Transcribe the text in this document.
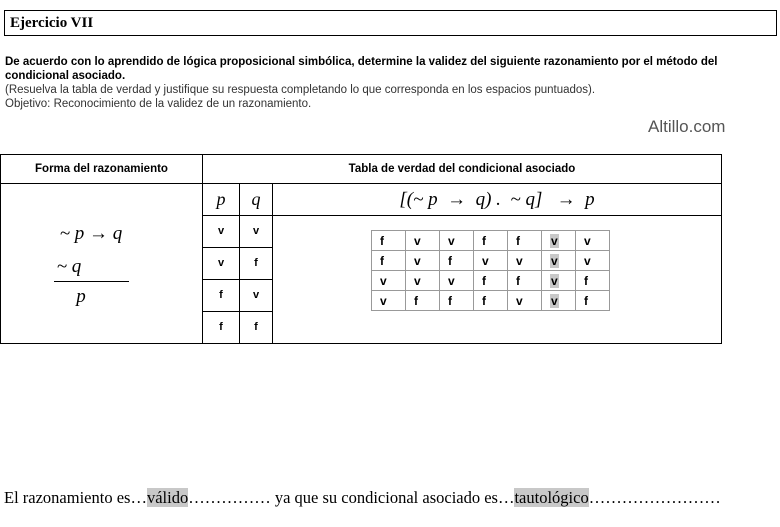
Ejercicio VII
De acuerdo con lo aprendido de lógica proposicional simbólica, determine la validez del siguiente razonamiento por el método del condicional asociado.
(Resuelva la tabla de verdad y justifique su respuesta completando lo que corresponda en los espacios puntuados).
Objetivo: Reconocimiento de la validez de un razonamiento.
Altillo.com
Forma del razonamiento	Tabla de verdad del condicional asociado
p	q	[(~ p  →  q) .  ~ q]   →  p
v	v
v	f
f	v
f	f
~ p → q
~ q
p
f	v	v	f	f	v	v
f	v	f	v	v	v	v
v	v	v	f	f	v	f
v	f	f	f	v	v	f
El razonamiento es…válido…………… ya que su condicional asociado es…tautológico……………………
